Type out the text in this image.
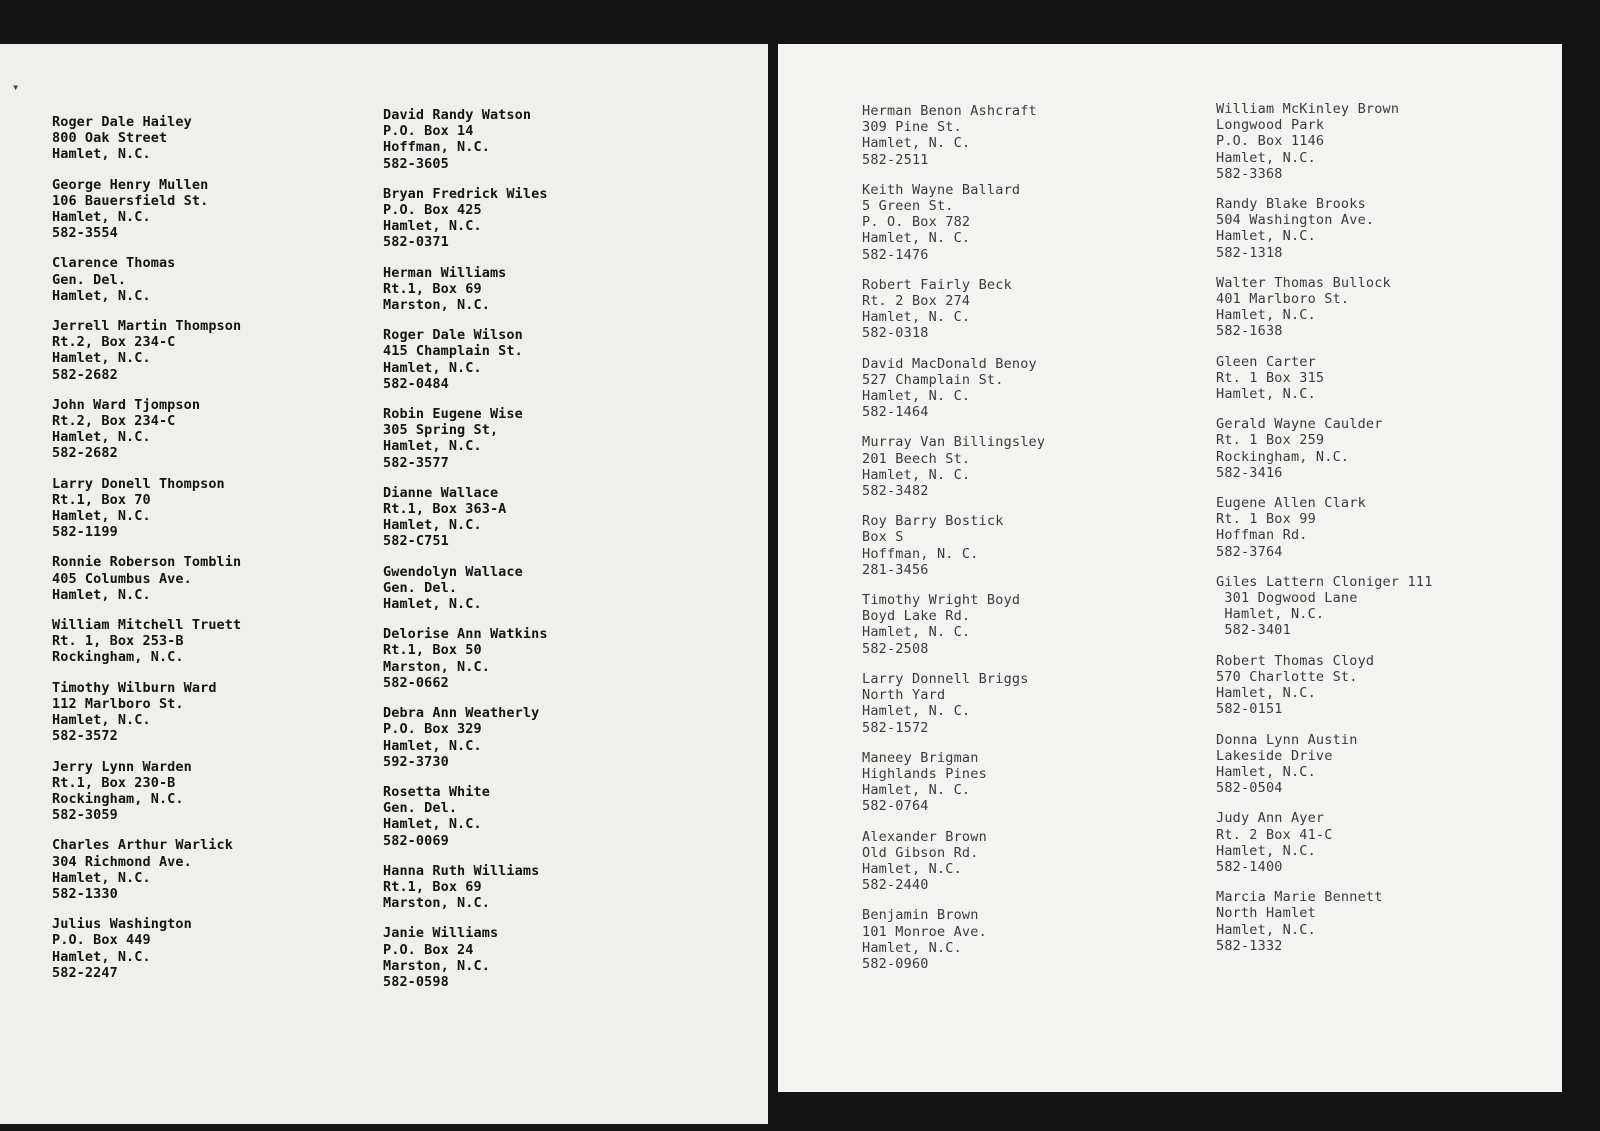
▾
Roger Dale Hailey
800 Oak Street
Hamlet, N.C.
George Henry Mullen
106 Bauersfield St.
Hamlet, N.C.
582-3554
Clarence Thomas
Gen. Del.
Hamlet, N.C.
Jerrell Martin Thompson
Rt.2, Box 234-C
Hamlet, N.C.
582-2682
John Ward Tjompson
Rt.2, Box 234-C
Hamlet, N.C.
582-2682
Larry Donell Thompson
Rt.1, Box 70
Hamlet, N.C.
582-1199
Ronnie Roberson Tomblin
405 Columbus Ave.
Hamlet, N.C.
William Mitchell Truett
Rt. 1, Box 253-B
Rockingham, N.C.
Timothy Wilburn Ward
112 Marlboro St.
Hamlet, N.C.
582-3572
Jerry Lynn Warden
Rt.1, Box 230-B
Rockingham, N.C.
582-3059
Charles Arthur Warlick
304 Richmond Ave.
Hamlet, N.C.
582-1330
Julius Washington
P.O. Box 449
Hamlet, N.C.
582-2247
David Randy Watson
P.O. Box 14
Hoffman, N.C.
582-3605
Bryan Fredrick Wiles
P.O. Box 425
Hamlet, N.C.
582-0371
Herman Williams
Rt.1, Box 69
Marston, N.C.
Roger Dale Wilson
415 Champlain St.
Hamlet, N.C.
582-0484
Robin Eugene Wise
305 Spring St,
Hamlet, N.C.
582-3577
Dianne Wallace
Rt.1, Box 363-A
Hamlet, N.C.
582-C751
Gwendolyn Wallace
Gen. Del.
Hamlet, N.C.
Delorise Ann Watkins
Rt.1, Box 50
Marston, N.C.
582-0662
Debra Ann Weatherly
P.O. Box 329
Hamlet, N.C.
592-3730
Rosetta White
Gen. Del.
Hamlet, N.C.
582-0069
Hanna Ruth Williams
Rt.1, Box 69
Marston, N.C.
Janie Williams
P.O. Box 24
Marston, N.C.
582-0598
Herman Benon Ashcraft
309 Pine St.
Hamlet, N. C.
582-2511
Keith Wayne Ballard
5 Green St.
P. O. Box 782
Hamlet, N. C.
582-1476
Robert Fairly Beck
Rt. 2 Box 274
Hamlet, N. C.
582-0318
David MacDonald Benoy
527 Champlain St.
Hamlet, N. C.
582-1464
Murray Van Billingsley
201 Beech St.
Hamlet, N. C.
582-3482
Roy Barry Bostick
Box S
Hoffman, N. C.
281-3456
Timothy Wright Boyd
Boyd Lake Rd.
Hamlet, N. C.
582-2508
Larry Donnell Briggs
North Yard
Hamlet, N. C.
582-1572
Maneey Brigman
Highlands Pines
Hamlet, N. C.
582-0764
Alexander Brown
Old Gibson Rd.
Hamlet, N.C.
582-2440
Benjamin Brown
101 Monroe Ave.
Hamlet, N.C.
582-0960
William McKinley Brown
Longwood Park
P.O. Box 1146
Hamlet, N.C.
582-3368
Randy Blake Brooks
504 Washington Ave.
Hamlet, N.C.
582-1318
Walter Thomas Bullock
401 Marlboro St.
Hamlet, N.C.
582-1638
Gleen Carter
Rt. 1 Box 315
Hamlet, N.C.
Gerald Wayne Caulder
Rt. 1 Box 259
Rockingham, N.C.
582-3416
Eugene Allen Clark
Rt. 1 Box 99
Hoffman Rd.
582-3764
Giles Lattern Cloniger 111
301 Dogwood Lane
Hamlet, N.C.
582-3401
Robert Thomas Cloyd
570 Charlotte St.
Hamlet, N.C.
582-0151
Donna Lynn Austin
Lakeside Drive
Hamlet, N.C.
582-0504
Judy Ann Ayer
Rt. 2 Box 41-C
Hamlet, N.C.
582-1400
Marcia Marie Bennett
North Hamlet
Hamlet, N.C.
582-1332
